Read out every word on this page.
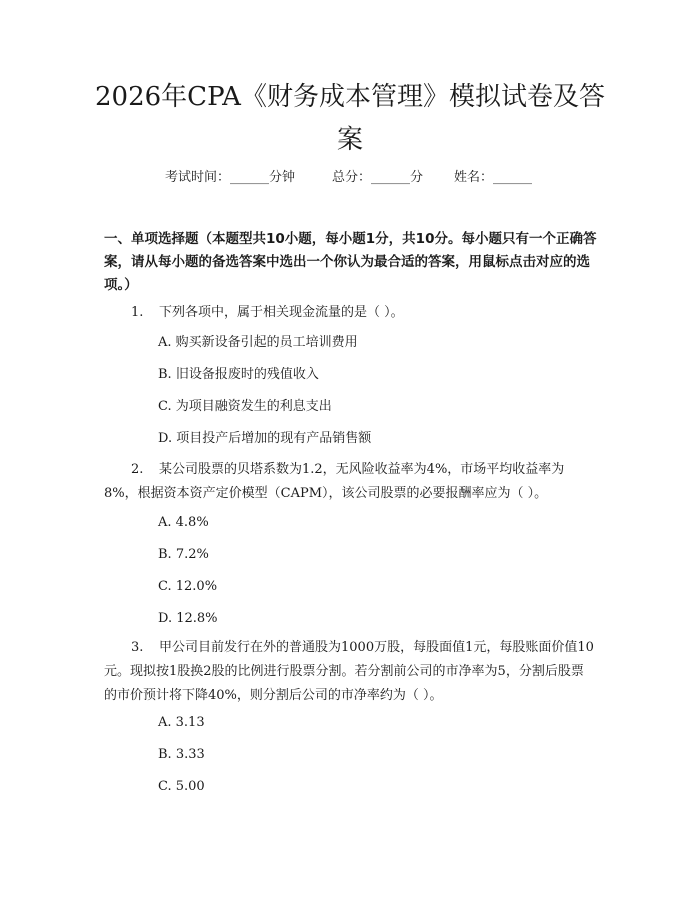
2026年CPA《财务成本管理》模拟试卷及答案
考试时间：______分钟	总分：______分 姓名：______
一、单项选择题（本题型共10小题，每小题1分，共10分。每小题只有一个正确答案，请从每小题的备选答案中选出一个你认为最合适的答案，用鼠标点击对应的选项。）
1. 下列各项中，属于相关现金流量的是（ ）。
A. 购买新设备引起的员工培训费用
B. 旧设备报废时的残值收入
C. 为项目融资发生的利息支出
D. 项目投产后增加的现有产品销售额
2. 某公司股票的贝塔系数为1.2，无风险收益率为4%，市场平均收益率为8%，根据资本资产定价模型（CAPM），该公司股票的必要报酬率应为（ ）。
A. 4.8%
B. 7.2%
C. 12.0%
D. 12.8%
3. 甲公司目前发行在外的普通股为1000万股，每股面值1元，每股账面价值10元。现拟按1股换2股的比例进行股票分割。若分割前公司的市净率为5，分割后股票的市价预计将下降40%，则分割后公司的市净率约为（ ）。
A. 3.13
B. 3.33
C. 5.00
